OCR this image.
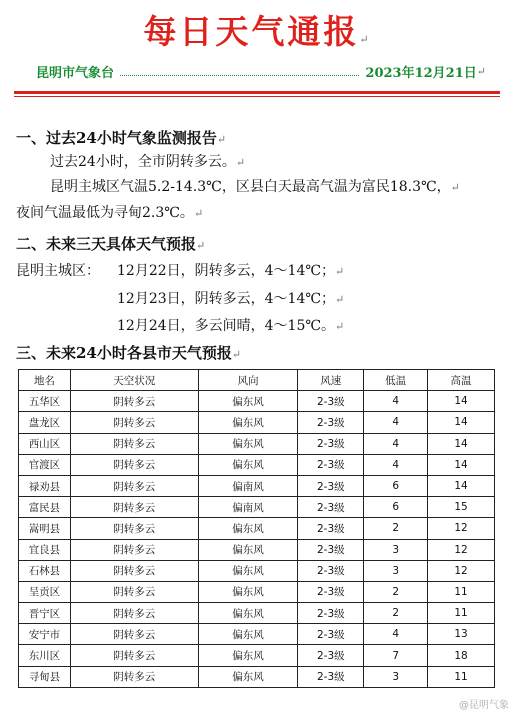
每日天气通报↵
昆明市气象台	2023年12月21日 ↵
一、过去24小时气象监测报告↵
过去24小时，全市阴转多云。↵
昆明主城区气温5.2-14.3℃，区县白天最高气温为富民18.3℃，↵
夜间气温最低为寻甸2.3℃。↵
二、未来三天具体天气预报↵
昆明主城区： 12月22日，阴转多云，4～14℃；↵
12月23日，阴转多云，4～14℃；↵
12月24日，多云间晴，4～15℃。↵
三、未来24小时各县市天气预报↵
地名	天空状况	风向	风速	低温	高温
五华区	阴转多云	偏东风	2-3级	4	14
盘龙区	阴转多云	偏东风	2-3级	4	14
西山区	阴转多云	偏东风	2-3级	4	14
官渡区	阴转多云	偏东风	2-3级	4	14
禄劝县	阴转多云	偏南风	2-3级	6	14
富民县	阴转多云	偏南风	2-3级	6	15
嵩明县	阴转多云	偏东风	2-3级	2	12
宜良县	阴转多云	偏东风	2-3级	3	12
石林县	阴转多云	偏东风	2-3级	3	12
呈贡区	阴转多云	偏东风	2-3级	2	11
晋宁区	阴转多云	偏东风	2-3级	2	11
安宁市	阴转多云	偏东风	2-3级	4	13
东川区	阴转多云	偏东风	2-3级	7	18
寻甸县	阴转多云	偏东风	2-3级	3	11
@昆明气象
